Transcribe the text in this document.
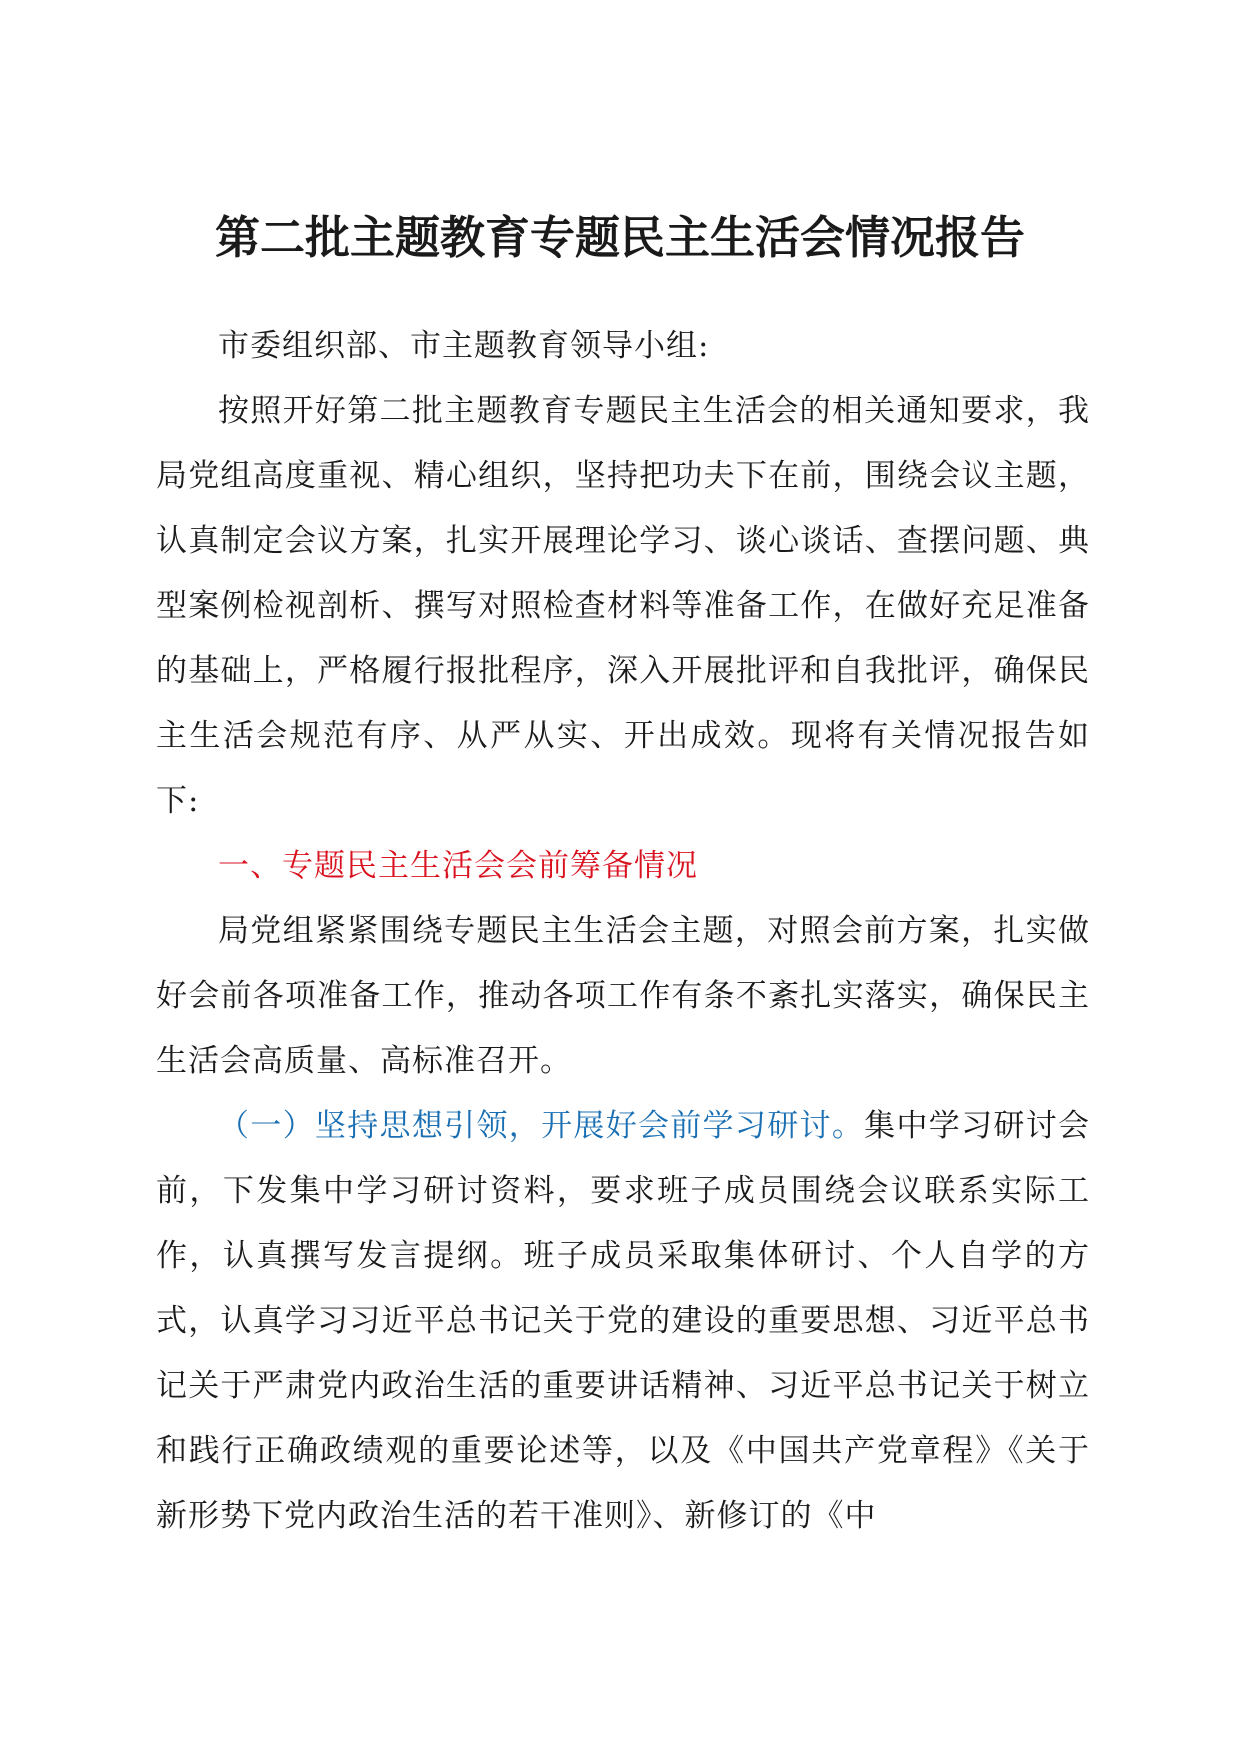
第二批主题教育专题民主生活会情况报告

市委组织部、市主题教育领导小组:

按照开好第二批主题教育专题民主生活会的相关通知要求，我局党组高度重视、精心组织，坚持把功夫下在前，围绕会议主题，认真制定会议方案，扎实开展理论学习、谈心谈话、查摆问题、典型案例检视剖析、撰写对照检查材料等准备工作，在做好充足准备的基础上，严格履行报批程序，深入开展批评和自我批评，确保民主生活会规范有序、从严从实、开出成效。现将有关情况报告如下:

一、专题民主生活会会前筹备情况

局党组紧紧围绕专题民主生活会主题，对照会前方案，扎实做好会前各项准备工作，推动各项工作有条不紊扎实落实，确保民主生活会高质量、高标准召开。

（一）坚持思想引领，开展好会前学习研讨。集中学习研讨会前，下发集中学习研讨资料，要求班子成员围绕会议联系实际工作，认真撰写发言提纲。班子成员采取集体研讨、个人自学的方式，认真学习习近平总书记关于党的建设的重要思想、习近平总书记关于严肃党内政治生活的重要讲话精神、习近平总书记关于树立和践行正确政绩观的重要论述等，以及《中国共产党章程》《关于新形势下党内政治生活的若干准则》、新修订的《中
